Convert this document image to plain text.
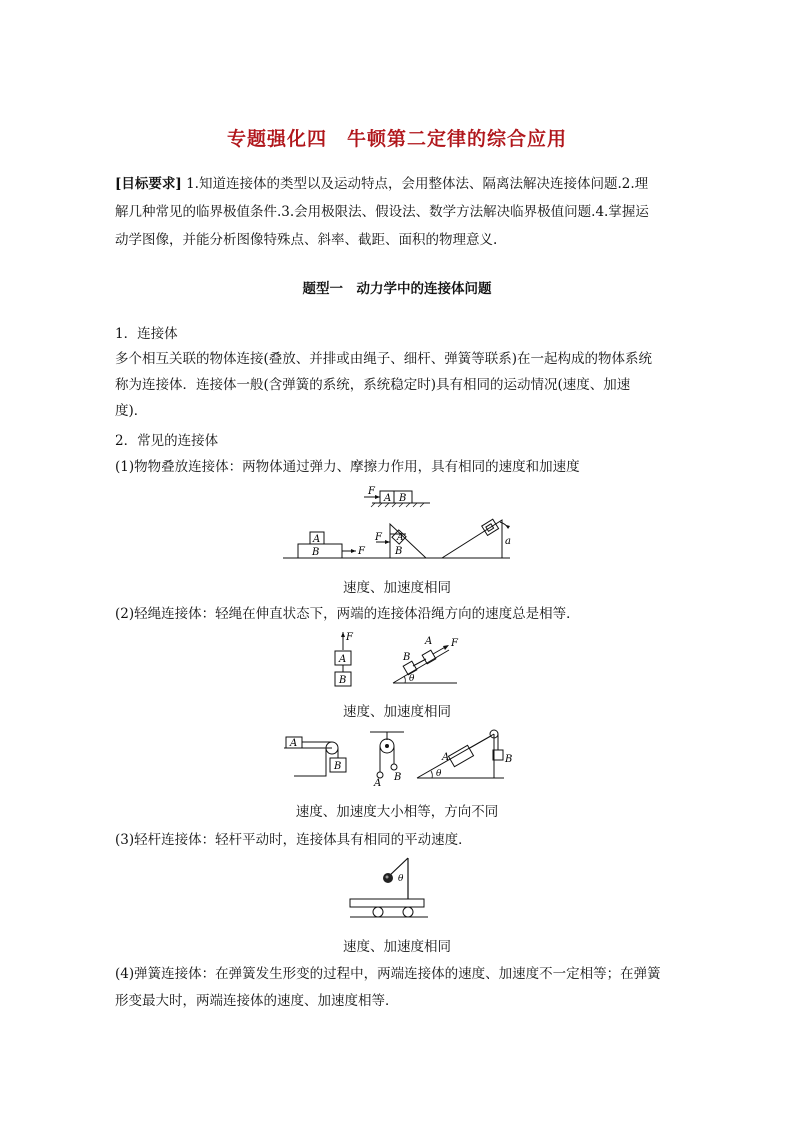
专题强化四　牛顿第二定律的综合应用
[目标要求] 1.知道连接体的类型以及运动特点，会用整体法、隔离法解决连接体问题.2.理
解几种常见的临界极值条件.3.会用极限法、假设法、数学方法解决临界极值问题.4.掌握运
动学图像，并能分析图像特殊点、斜率、截距、面积的物理意义.
题型一　动力学中的连接体问题
1．连接体
多个相互关联的物体连接(叠放、并排或由绳子、细杆、弹簧等联系)在一起构成的物体系统
称为连接体．连接体一般(含弹簧的系统，系统稳定时)具有相同的运动情况(速度、加速
度)．
2．常见的连接体
(1)物物叠放连接体：两物体通过弹力、摩擦力作用，具有相同的速度和加速度
A B
F
A
B	F
F A
B
a
速度、加速度相同
(2)轻绳连接体：轻绳在伸直状态下，两端的连接体沿绳方向的速度总是相等．
F
A
B
B
A F
θ
速度、加速度相同
A
B
A
B
B
A
θ
速度、加速度大小相等，方向不同
(3)轻杆连接体：轻杆平动时，连接体具有相同的平动速度．
θ
速度、加速度相同
(4)弹簧连接体：在弹簧发生形变的过程中，两端连接体的速度、加速度不一定相等；在弹簧
形变最大时，两端连接体的速度、加速度相等．
